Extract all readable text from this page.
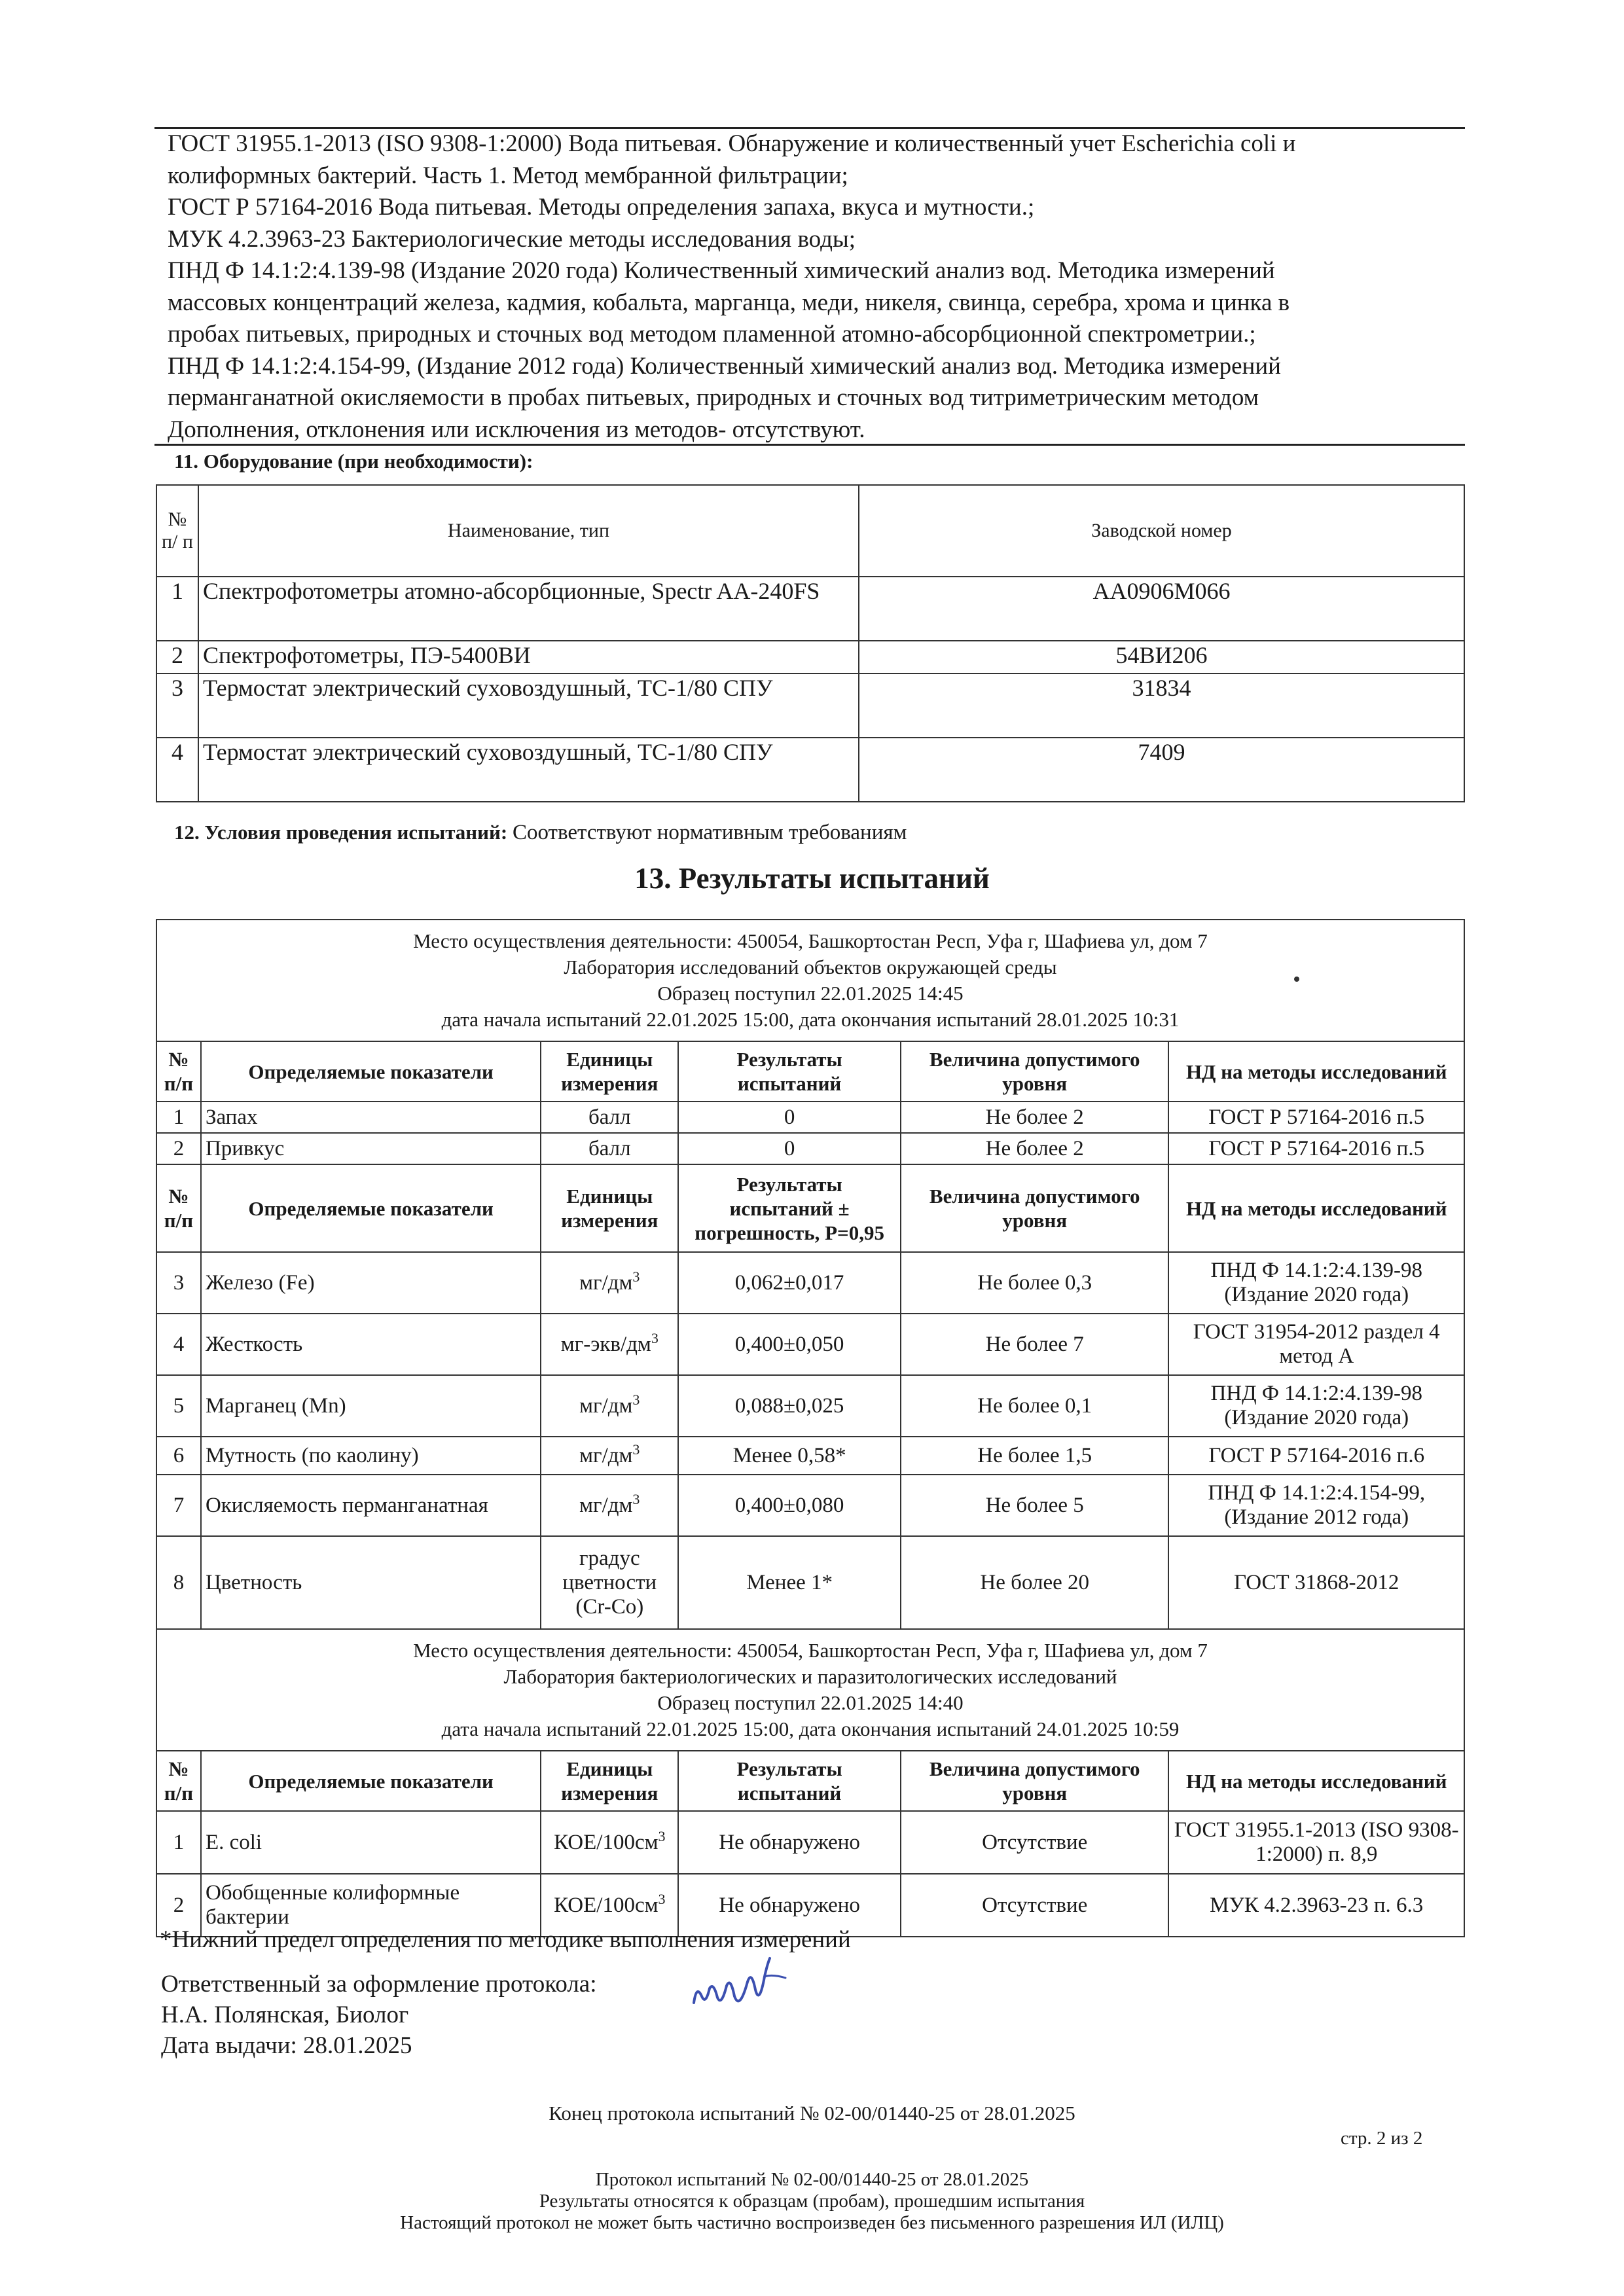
ГОСТ 31955.1-2013 (ISO 9308-1:2000) Вода питьевая. Обнаружение и количественный учет Escherichia coli и
колиформных бактерий. Часть 1. Метод мембранной фильтрации;
ГОСТ Р 57164-2016 Вода питьевая. Методы определения запаха, вкуса и мутности.;
МУК 4.2.3963-23 Бактериологические методы исследования воды;
ПНД Ф 14.1:2:4.139-98 (Издание 2020 года) Количественный химический анализ вод. Методика измерений
массовых концентраций железа, кадмия, кобальта, марганца, меди, никеля, свинца, серебра, хрома и цинка в
пробах питьевых, природных и сточных вод методом пламенной атомно-абсорбционной спектрометрии.;
ПНД Ф 14.1:2:4.154-99, (Издание 2012 года) Количественный химический анализ вод. Методика измерений
перманганатной окисляемости в пробах питьевых, природных и сточных вод титриметрическим методом
Дополнения, отклонения или исключения из методов- отсутствуют.
11. Оборудование (при необходимости):
№ п/ п	Наименование, тип	Заводской номер
1	Спектрофотометры атомно-абсорбционные, Spectr AA-240FS	AA0906M066
2	Спектрофотометры, ПЭ-5400ВИ	54ВИ206
3	Термостат электрический суховоздушный, ТС-1/80 СПУ	31834
4	Термостат электрический суховоздушный, ТС-1/80 СПУ	7409
12. Условия проведения испытаний: Соответствуют нормативным требованиям
13. Результаты испытаний
Место осуществления деятельности: 450054, Башкортостан Респ, Уфа г, Шафиева ул, дом 7
Лаборатория исследований объектов окружающей среды
Образец поступил 22.01.2025 14:45
дата начала испытаний 22.01.2025 15:00, дата окончания испытаний 28.01.2025 10:31					

№ п/п	Определяемые показатели	Единицы измерения	Результаты испытаний	Величина допустимого уровня	НД на методы исследований
1	Запах	балл	0	Не более 2	ГОСТ Р 57164-2016 п.5
2	Привкус	балл	0	Не более 2	ГОСТ Р 57164-2016 п.5
№ п/п	Определяемые показатели	Единицы измерения	Результаты испытаний ± погрешность, Р=0,95	Величина допустимого уровня	НД на методы исследований
3	Железо (Fe)	$мг/дм^3$	0,062±0,017	Не более 0,3	ПНД Ф 14.1:2:4.139-98 (Издание 2020 года)
4	Жесткость	$мг-экв/дм^3$	0,400±0,050	Не более 7	ГОСТ 31954-2012 раздел 4 метод А
5	Марганец (Mn)	$мг/дм^3$	0,088±0,025	Не более 0,1	ПНД Ф 14.1:2:4.139-98 (Издание 2020 года)
6	Мутность (по каолину)	$мг/дм^3$	Менее 0,58*	Не более 1,5	ГОСТ Р 57164-2016 п.6
7	Окисляемость перманганатная	$мг/дм^3$	0,400±0,080	Не более 5	ПНД Ф 14.1:2:4.154-99, (Издание 2012 года)
8	Цветность	градус цветности (Cr-Co)	Менее 1*	Не более 20	ГОСТ 31868-2012

Место осуществления деятельности: 450054, Башкортостан Респ, Уфа г, Шафиева ул, дом 7
Лаборатория бактериологических и паразитологических исследований
Образец поступил 22.01.2025 14:40
дата начала испытаний 22.01.2025 15:00, дата окончания испытаний 24.01.2025 10:59					

№ п/п	Определяемые показатели	Единицы измерения	Результаты испытаний	Величина допустимого уровня	НД на методы исследований
1	E. coli	КОЕ/$100см^3$	Не обнаружено	Отсутствие	ГОСТ 31955.1-2013 (ISO 9308-1:2000) п. 8,9
2	Обобщенные колиформные бактерии	КОЕ/$100см^3$	Не обнаружено	Отсутствие	МУК 4.2.3963-23 п. 6.3
*Нижний предел определения по методике выполнения измерений
Ответственный за оформление протокола:
Н.А. Полянская, Биолог
Дата выдачи: 28.01.2025
Конец протокола испытаний № 02-00/01440-25 от 28.01.2025
стр. 2 из 2
Протокол испытаний № 02-00/01440-25 от 28.01.2025
Результаты относятся к образцам (пробам), прошедшим испытания
Настоящий протокол не может быть частично воспроизведен без письменного разрешения ИЛ (ИЛЦ)
